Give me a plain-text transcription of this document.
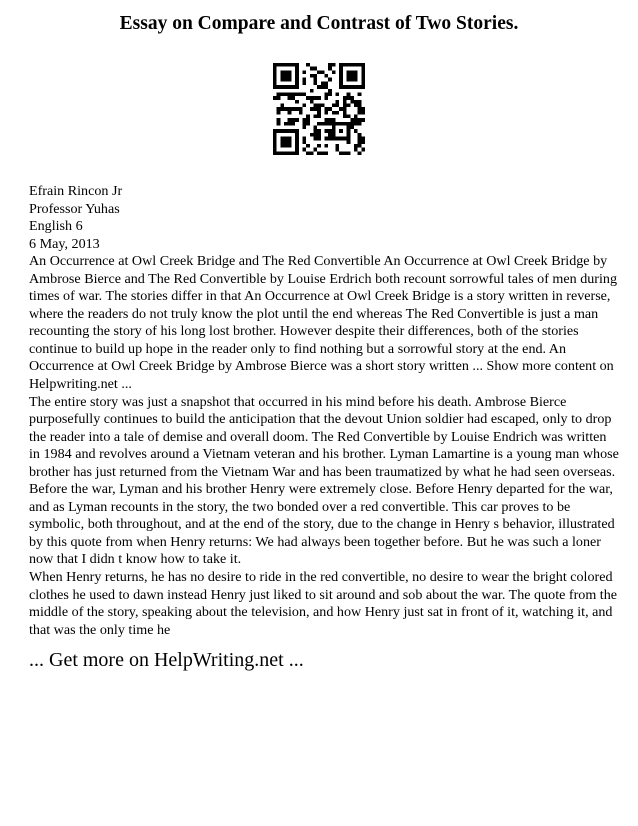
Essay on Compare and Contrast of Two Stories.

Efrain Rincon Jr

Professor Yuhas

English 6

6 May, 2013

An Occurrence at Owl Creek Bridge and The Red Convertible An Occurrence at Owl Creek Bridge by Ambrose Bierce and The Red Convertible by Louise Erdrich both recount sorrowful tales of men during times of war. The stories differ in that An Occurrence at Owl Creek Bridge is a story written in reverse, where the readers do not truly know the plot until the end whereas The Red Convertible is just a man recounting the story of his long lost brother. However despite their differences, both of the stories continue to build up hope in the reader only to find nothing but a sorrowful story at the end. An Occurrence at Owl Creek Bridge by Ambrose Bierce was a short story written ... Show more content on Helpwriting.net ...

The entire story was just a snapshot that occurred in his mind before his death. Ambrose Bierce purposefully continues to build the anticipation that the devout Union soldier had escaped, only to drop the reader into a tale of demise and overall doom. The Red Convertible by Louise Endrich was written in 1984 and revolves around a Vietnam veteran and his brother. Lyman Lamartine is a young man whose brother has just returned from the Vietnam War and has been traumatized by what he had seen overseas.

Before the war, Lyman and his brother Henry were extremely close. Before Henry departed for the war, and as Lyman recounts in the story, the two bonded over a red convertible. This car proves to be symbolic, both throughout, and at the end of the story, due to the change in Henry s behavior, illustrated by this quote from when Henry returns: We had always been together before. But he was such a loner now that I didn t know how to take it.

When Henry returns, he has no desire to ride in the red convertible, no desire to wear the bright colored clothes he used to dawn instead Henry just liked to sit around and sob about the war. The quote from the middle of the story, speaking about the television, and how Henry just sat in front of it, watching it, and that was the only time he

... Get more on HelpWriting.net ...
